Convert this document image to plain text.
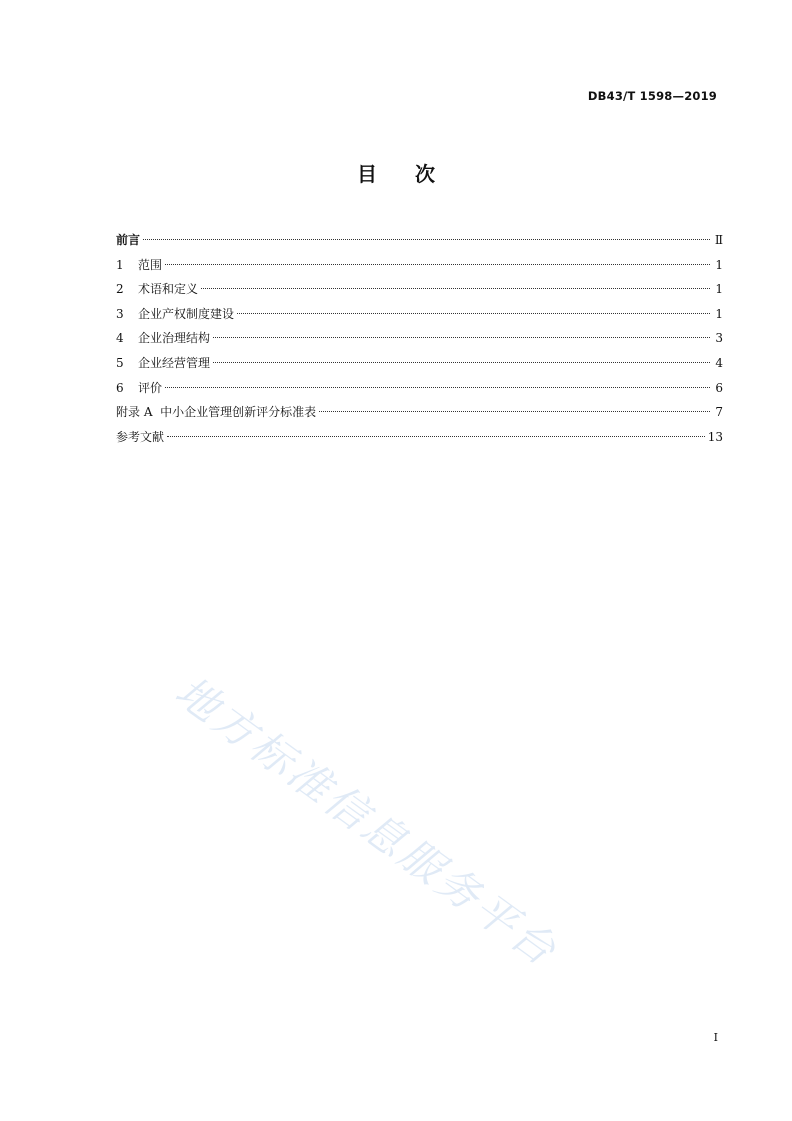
DB43/T 1598—2019
目 次
前言	Ⅱ
1	范围	1
2	术语和定义	1
3	企业产权制度建设	1
4	企业治理结构	3
5	企业经营管理	4
6	评价	6
附录 A  中小企业管理创新评分标准表	7
参考文献	13
地方标准信息服务平台
I
